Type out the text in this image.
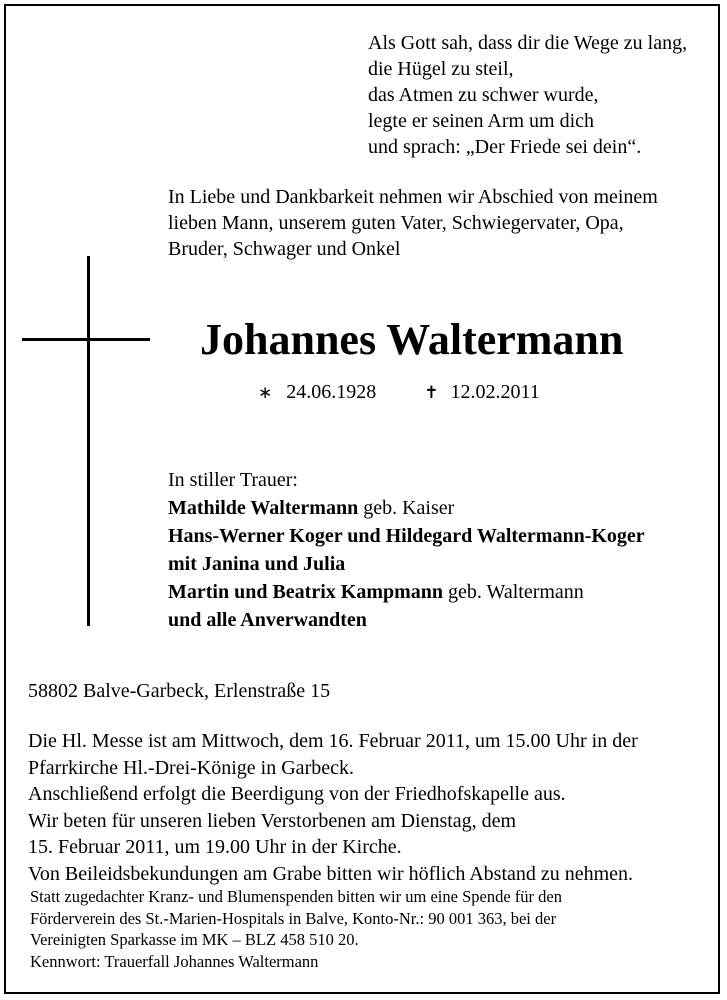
Als Gott sah, dass dir die Wege zu lang,
die Hügel zu steil,
das Atmen zu schwer wurde,
legte er seinen Arm um dich
und sprach: „Der Friede sei dein“.
In Liebe und Dankbarkeit nehmen wir Abschied von meinem
lieben Mann, unserem guten Vater, Schwiegervater, Opa,
Bruder, Schwager und Onkel
Johannes Waltermann
∗ 24.06.1928	✝ 12.02.2011
In stiller Trauer:
Mathilde Waltermann geb. Kaiser
Hans-Werner Koger und Hildegard Waltermann-Koger
mit Janina und Julia
Martin und Beatrix Kampmann geb. Waltermann
und alle Anverwandten
58802 Balve-Garbeck, Erlenstraße 15
Die Hl. Messe ist am Mittwoch, dem 16. Februar 2011, um 15.00 Uhr in der
Pfarrkirche Hl.-Drei-Könige in Garbeck.
Anschließend erfolgt die Beerdigung von der Friedhofskapelle aus.
Wir beten für unseren lieben Verstorbenen am Dienstag, dem
15. Februar 2011, um 19.00 Uhr in der Kirche.
Von Beileidsbekundungen am Grabe bitten wir höflich Abstand zu nehmen.
Statt zugedachter Kranz- und Blumenspenden bitten wir um eine Spende für den
Förderverein des St.-Marien-Hospitals in Balve, Konto-Nr.: 90 001 363, bei der
Vereinigten Sparkasse im MK – BLZ 458 510 20.
Kennwort: Trauerfall Johannes Waltermann
